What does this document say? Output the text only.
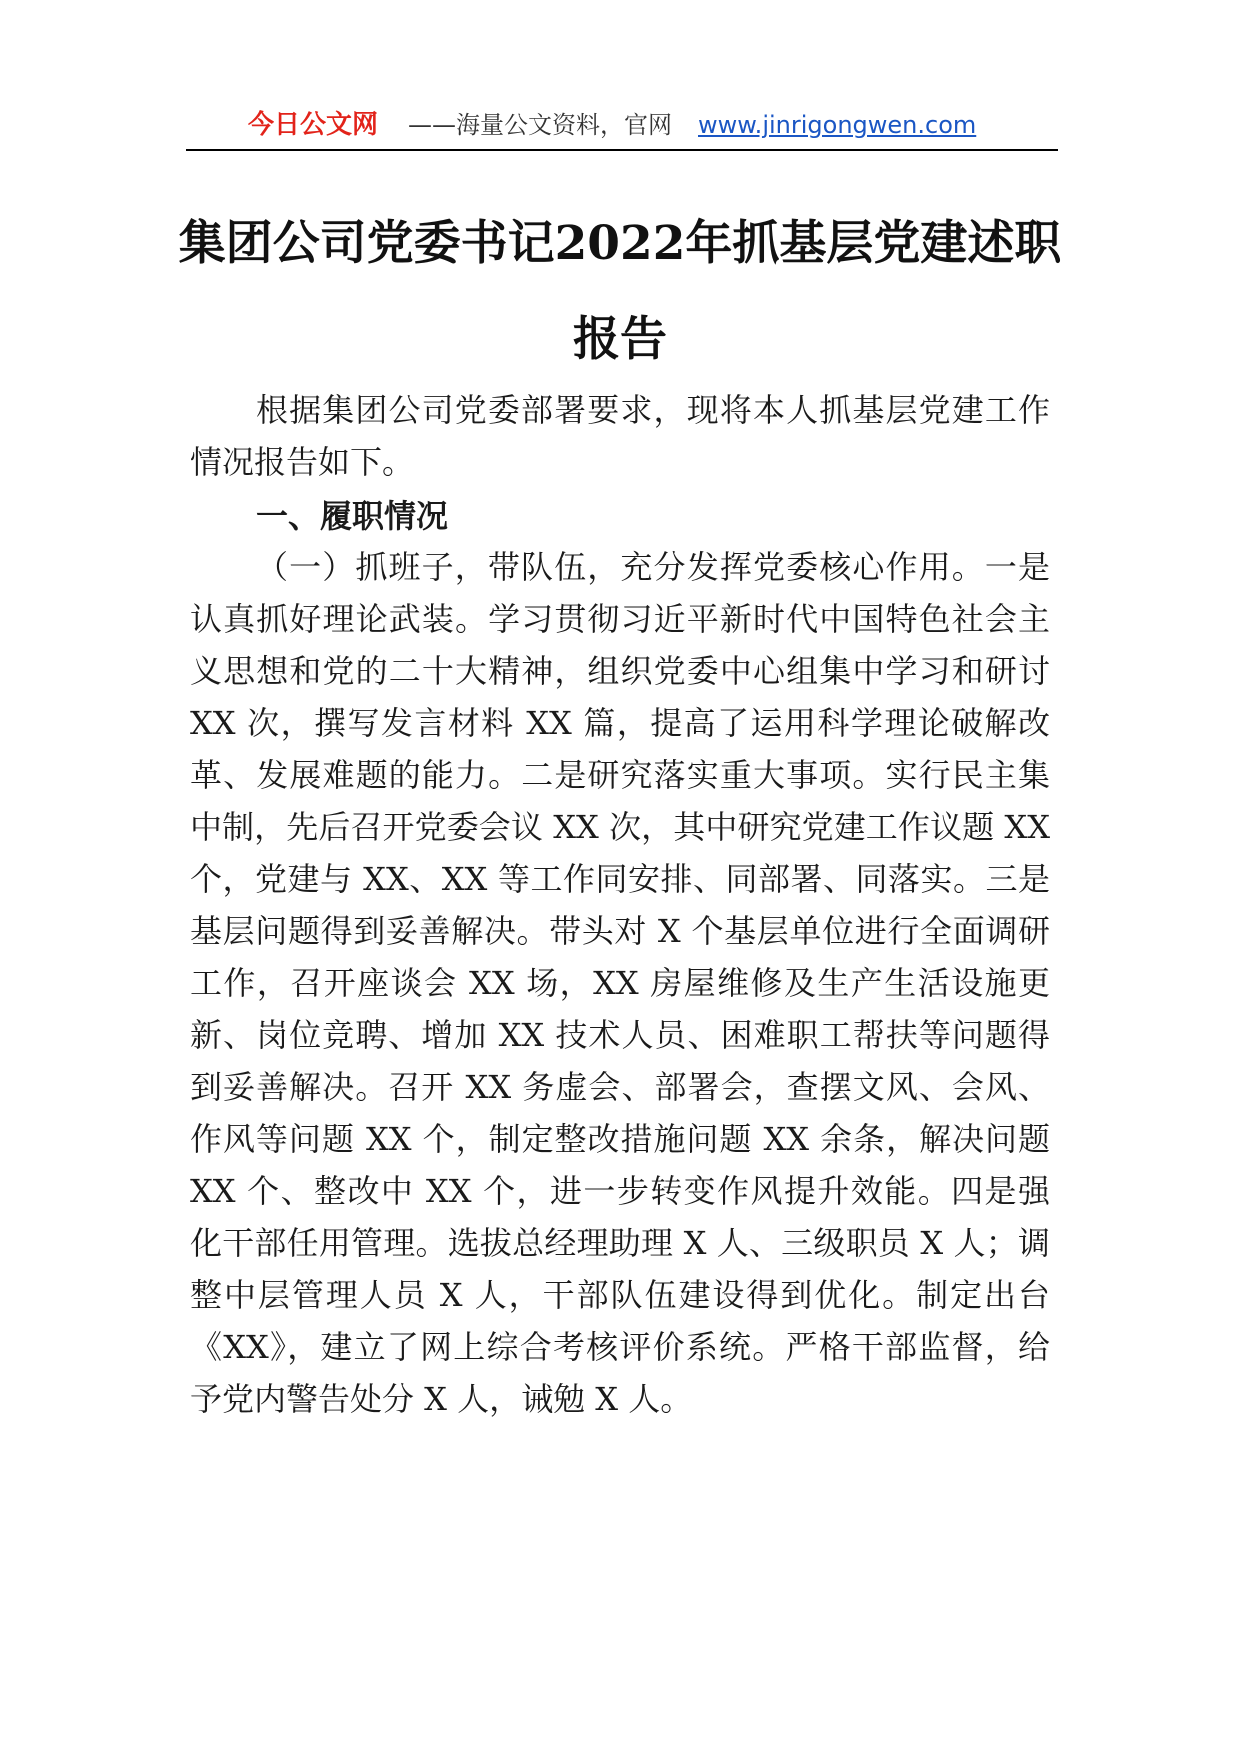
今日公文网 ——海量公文资料，官网 www.jinrigongwen.com
集团公司党委书记2022年抓基层党建述职
报告
根据集团公司党委部署要求，现将本人抓基层党建工作
情况报告如下。
一、履职情况
（一）抓班子，带队伍，充分发挥党委核心作用。一是
认真抓好理论武装。学习贯彻习近平新时代中国特色社会主
义思想和党的二十大精神，组织党委中心组集中学习和研讨
XX 次，撰写发言材料 XX 篇，提高了运用科学理论破解改
革、发展难题的能力。二是研究落实重大事项。实行民主集
中制，先后召开党委会议 XX 次，其中研究党建工作议题 XX
个，党建与 XX、XX 等工作同安排、同部署、同落实。三是
基层问题得到妥善解决。带头对 X 个基层单位进行全面调研
工作，召开座谈会 XX 场，XX 房屋维修及生产生活设施更
新、岗位竞聘、增加 XX 技术人员、困难职工帮扶等问题得
到妥善解决。召开 XX 务虚会、部署会，查摆文风、会风、
作风等问题 XX 个，制定整改措施问题 XX 余条，解决问题
XX 个、整改中 XX 个，进一步转变作风提升效能。四是强
化干部任用管理。选拔总经理助理 X 人、三级职员 X 人；调
整中层管理人员 X 人，干部队伍建设得到优化。制定出台
《XX》，建立了网上综合考核评价系统。严格干部监督，给
予党内警告处分 X 人，诫勉 X 人。
